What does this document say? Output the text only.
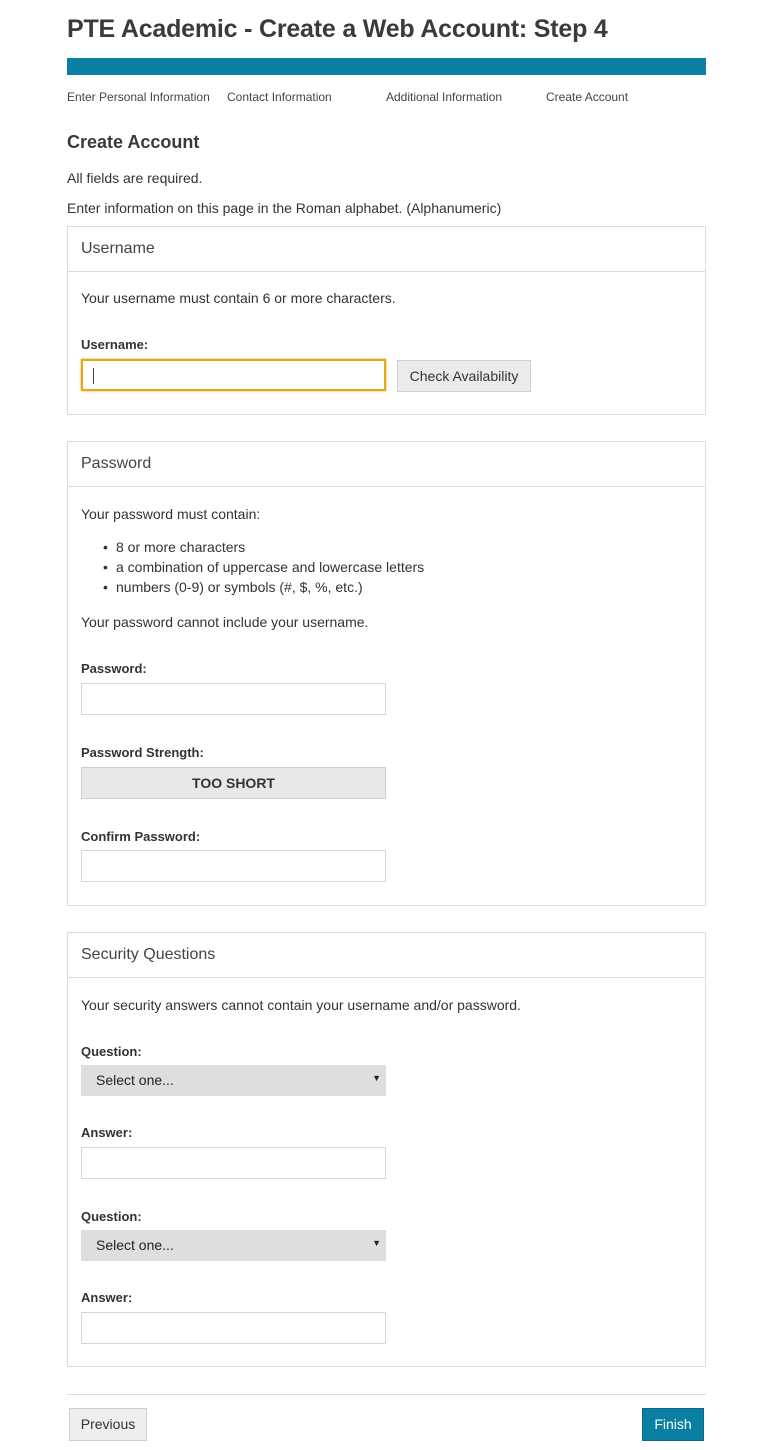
PTE Academic - Create a Web Account: Step 4
Enter Personal Information Contact Information	Additional Information	Create Account
Create Account
All fields are required.
Enter information on this page in the Roman alphabet. (Alphanumeric)
Username
Your username must contain 6 or more characters.
Username:
Check Availability
Password
Your password must contain:
Your password cannot include your username.
Password:
Password Strength:
TOO SHORT
Confirm Password:
• 8 or more characters
• a combination of uppercase and lowercase letters
• numbers (0-9) or symbols (#, $, %, etc.)
Security Questions
Your security answers cannot contain your username and/or password.
Question:
Select one...	▼
Answer:
Question:
Select one...	▼
Answer:
Previous	Finish
